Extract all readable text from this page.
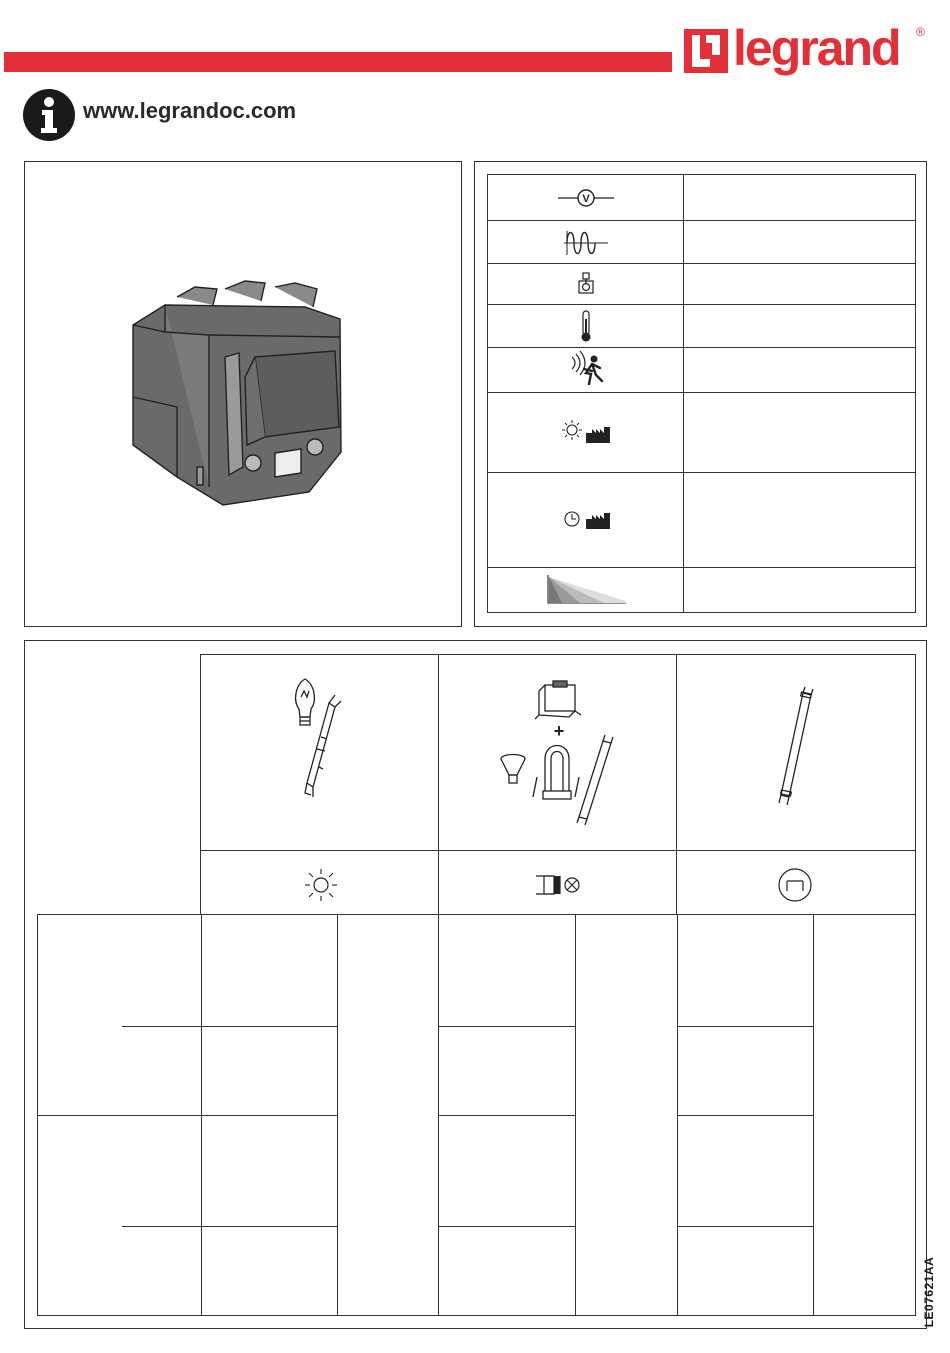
legrand ®
www.legrandoc.com
V
+
LE07621AA
